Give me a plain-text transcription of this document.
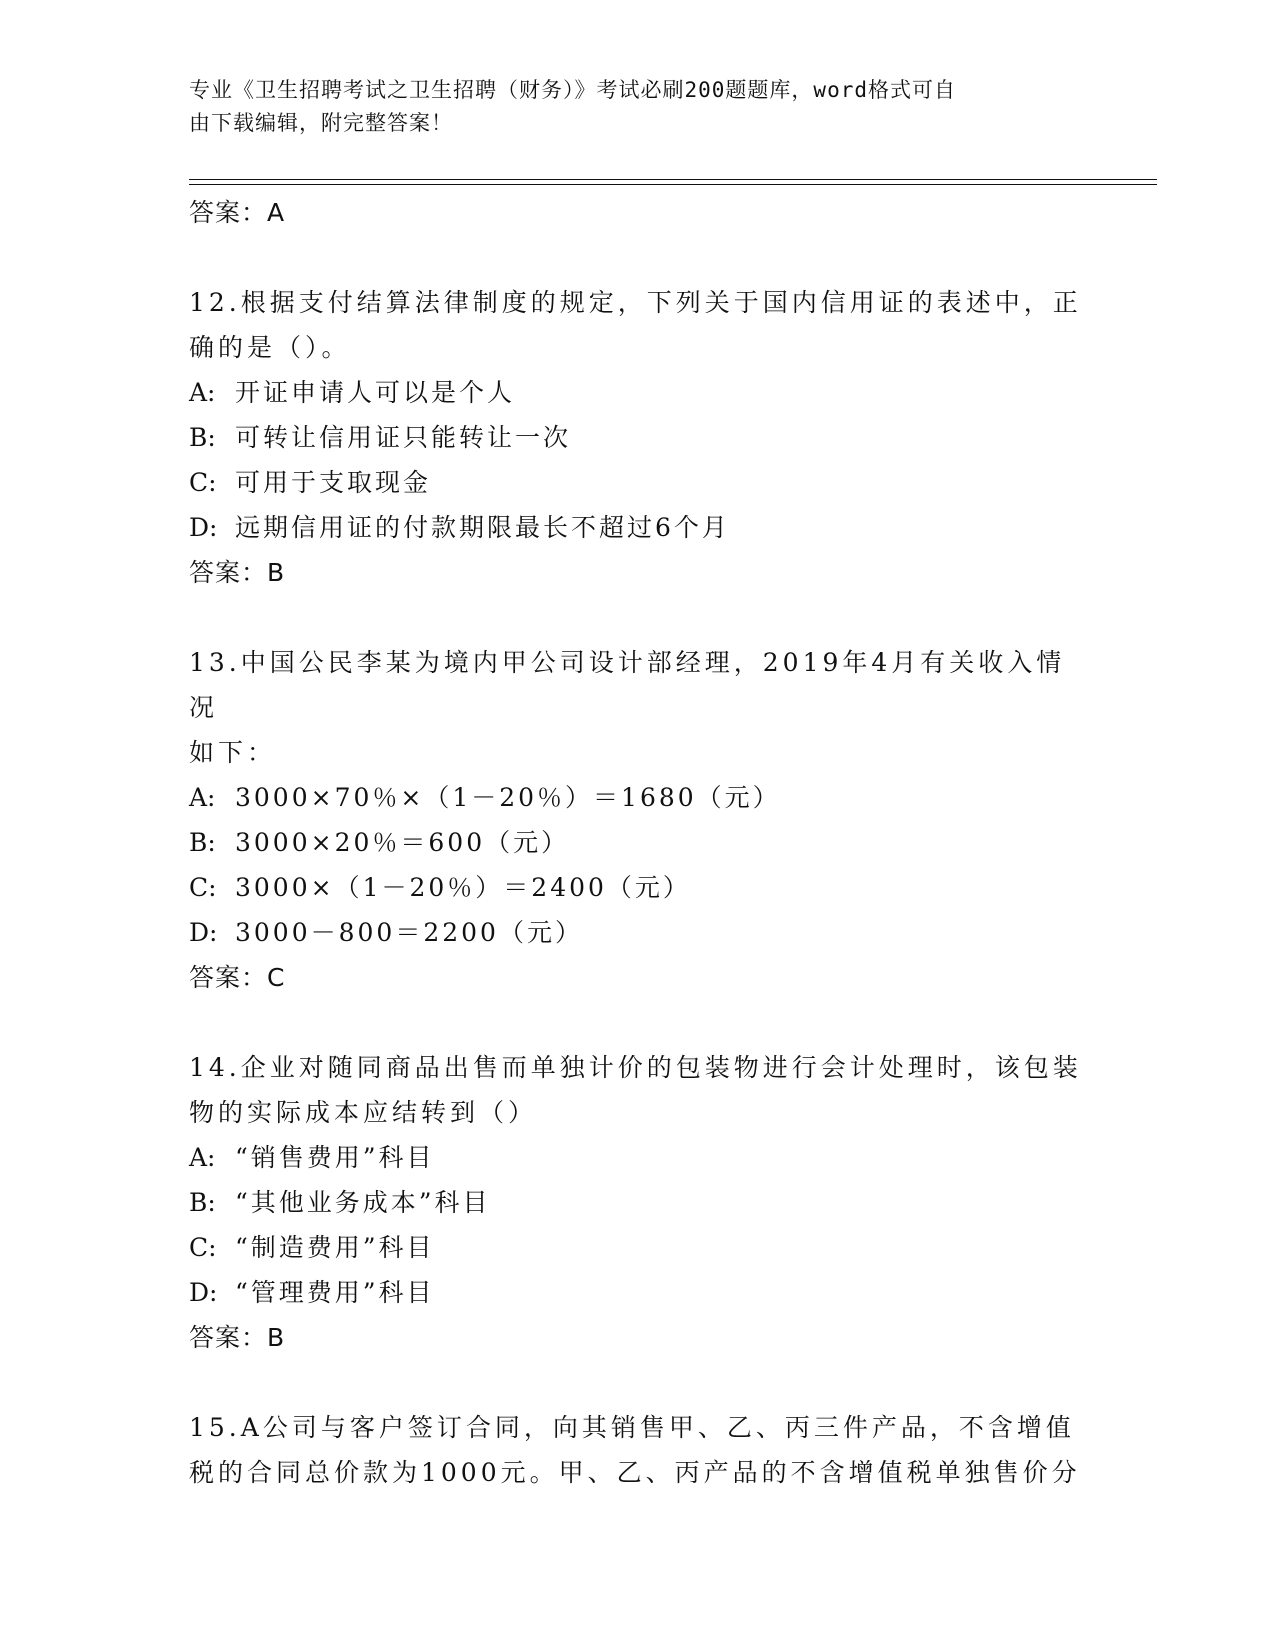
专业《卫生招聘考试之卫生招聘（财务）》考试必刷200题题库，word格式可自
由下载编辑，附完整答案！
答案：A
12.根据支付结算法律制度的规定，下列关于国内信用证的表述中，正
确的是（）。
A: 开证申请人可以是个人
B: 可转让信用证只能转让一次
C: 可用于支取现金
D: 远期信用证的付款期限最长不超过6个月
答案：B
13.中国公民李某为境内甲公司设计部经理，2019年4月有关收入情况
如下：
A: 3000×70％×（1－20％）＝1680（元）
B: 3000×20％＝600（元）
C: 3000×（1－20％）＝2400（元）
D: 3000－800＝2200（元）
答案：C
14.企业对随同商品出售而单独计价的包装物进行会计处理时，该包装
物的实际成本应结转到（）
A: “销售费用”科目
B: “其他业务成本”科目
C: “制造费用”科目
D: “管理费用”科目
答案：B
15.A公司与客户签订合同，向其销售甲、乙、丙三件产品，不含增值
税的合同总价款为1000元。甲、乙、丙产品的不含增值税单独售价分
